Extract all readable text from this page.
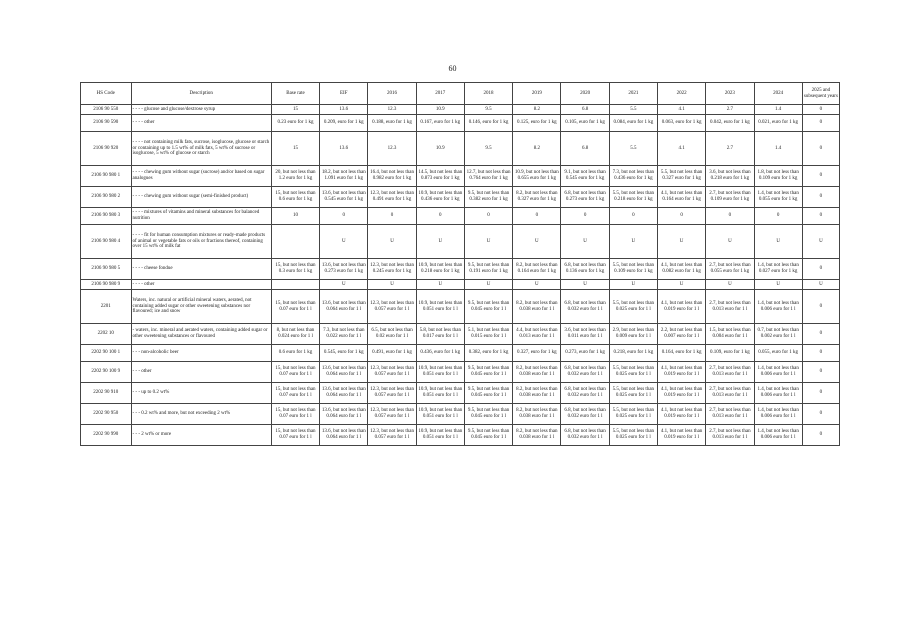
60
HS Code	Description	Base rate	EIF	2016	2017	2018	2019	2020	2021	2022	2023	2024	2025 and subsequent years
2106 90 550	- - - - glucose and glucose/dextrose syrup	15	13.6	12.3	10.9	9.5	8.2	6.8	5.5	4.1	2.7	1.4	0
2106 90 590	- - - - other	0.23 euro for 1 kg	0.209, euro for 1 kg	0.188, euro for 1 kg	0.167, euro for 1 kg	0.146, euro for 1 kg	0.125, euro for 1 kg	0.105, euro for 1 kg	0.084, euro for 1 kg	0.063, euro for 1 kg	0.042, euro for 1 kg	0.021, euro for 1 kg	0
2106 90 920	- - - - not containing milk fats, sucrose, isoglucose, glucose or starch or containing up to 1.5 wt% of milk fats, 5 wt% of sucrose or isoglucose, 5 wt% of glucose or starch	15	13.6	12.3	10.9	9.5	8.2	6.8	5.5	4.1	2.7	1.4	0
2106 90 980 1	- - - - chewing gum without sugar (sucrose) and/or based on sugar analogues	20, but not less than 1.2 euro for 1 kg	18.2, but not less than 1.091 euro for 1 kg	16.4, but not less than 0.982 euro for 1 kg	14.5, but not less than 0.873 euro for 1 kg	12.7, but not less than 0.764 euro for 1 kg	10.9, but not less than 0.655 euro for 1 kg	9.1, but not less than 0.545 euro for 1 kg	7.3, but not less than 0.436 euro for 1 kg	5.5, but not less than 0.327 euro for 1 kg	3.6, but not less than 0.218 euro for 1 kg	1.8, but not less than 0.109 euro for 1 kg	0
2106 90 980 2	- - - - chewing gum without sugar (semi-finished product)	15, but not less than 0.6 euro for 1 kg	13.6, but not less than 0.545 euro for 1 kg	12.3, but not less than 0.491 euro for 1 kg	10.9, but not less than 0.436 euro for 1 kg	9.5, but not less than 0.382 euro for 1 kg	8.2, but not less than 0.327 euro for 1 kg	6.8, but not less than 0.273 euro for 1 kg	5.5, but not less than 0.218 euro for 1 kg	4.1, but not less than 0.164 euro for 1 kg	2.7, but not less than 0.109 euro for 1 kg	1.4, but not less than 0.055 euro for 1 kg	0
2106 90 980 3	- - - - mixtures of vitamins and mineral substances for balanced nutrition	10	0	0	0	0	0	0	0	0	0	0	0
2106 90 980 4	- - - - fit for human consumption mixtures or ready-made products of animal or vegetable fats or oils or fractions thereof, containing over 15 wt% of milk fat		U	U	U	U	U	U	U	U	U	U	U
2106 90 980 5	- - - - cheese fondue	15, but not less than 0.3 euro for 1 kg	13.6, but not less than 0.273 euro for 1 kg	12.3, but not less than 0.245 euro for 1 kg	10.9, but not less than 0.218 euro for 1 kg	9.5, but not less than 0.191 euro for 1 kg	8.2, but not less than 0.164 euro for 1 kg	6.8, but not less than 0.136 euro for 1 kg	5.5, but not less than 0.109 euro for 1 kg	4.1, but not less than 0.082 euro for 1 kg	2.7, but not less than 0.055 euro for 1 kg	1.4, but not less than 0.027 euro for 1 kg	0
2106 90 980 9	- - - - other		U	U	U	U	U	U	U	U	U	U	U
2201	Waters, inc. natural or artificial mineral waters, aerated, not containing added sugar or other sweetening substances nor flavoured; ice and snow	15, but not less than 0.07 euro for 1 l	13.6, but not less than 0.064 euro for 1 l	12.3, but not less than 0.057 euro for 1 l	10.9, but not less than 0.051 euro for 1 l	9.5, but not less than 0.045 euro for 1 l	8.2, but not less than 0.038 euro for 1 l	6.8, but not less than 0.032 euro for 1 l	5.5, but not less than 0.025 euro for 1 l	4.1, but not less than 0.019 euro for 1 l	2.7, but not less than 0.013 euro for 1 l	1.4, but not less than 0.006 euro for 1 l	0
2202 10	- waters, inc. mineral and aerated waters, containing added sugar or other sweetening substances or flavoured	8, but not less than 0.024 euro for 1 l	7.3, but not less than 0.022 euro for 1 l	6.5, but not less than 0.02 euro for 1 l	5.8, but not less than 0.017 euro for 1 l	5.1, but not less than 0.015 euro for 1 l	4.4, but not less than 0.013 euro for 1 l	3.6, but not less than 0.011 euro for 1 l	2.9, but not less than 0.009 euro for 1 l	2.2, but not less than 0.007 euro for 1 l	1.5, but not less than 0.004 euro for 1 l	0.7, but not less than 0.002 euro for 1 l	0
2202 90 100 1	- - - non-alcoholic beer	0.6 euro for 1 kg	0.545, euro for 1 kg	0.491, euro for 1 kg	0.436, euro for 1 kg	0.382, euro for 1 kg	0.327, euro for 1 kg	0.273, euro for 1 kg	0.218, euro for 1 kg	0.164, euro for 1 kg	0.109, euro for 1 kg	0.055, euro for 1 kg	0
2202 90 100 9	- - - other	15, but not less than 0.07 euro for 1 l	13.6, but not less than 0.064 euro for 1 l	12.3, but not less than 0.057 euro for 1 l	10.9, but not less than 0.051 euro for 1 l	9.5, but not less than 0.045 euro for 1 l	8.2, but not less than 0.038 euro for 1 l	6.8, but not less than 0.032 euro for 1 l	5.5, but not less than 0.025 euro for 1 l	4.1, but not less than 0.019 euro for 1 l	2.7, but not less than 0.013 euro for 1 l	1.4, but not less than 0.006 euro for 1 l	0
2202 90 910	- - - up to 0.2 wt%	15, but not less than 0.07 euro for 1 l	13.6, but not less than 0.064 euro for 1 l	12.3, but not less than 0.057 euro for 1 l	10.9, but not less than 0.051 euro for 1 l	9.5, but not less than 0.045 euro for 1 l	8.2, but not less than 0.038 euro for 1 l	6.8, but not less than 0.032 euro for 1 l	5.5, but not less than 0.025 euro for 1 l	4.1, but not less than 0.019 euro for 1 l	2.7, but not less than 0.013 euro for 1 l	1.4, but not less than 0.006 euro for 1 l	0
2202 90 950	- - - 0.2 wt% and more, but not exceeding 2 wt%	15, but not less than 0.07 euro for 1 l	13.6, but not less than 0.064 euro for 1 l	12.3, but not less than 0.057 euro for 1 l	10.9, but not less than 0.051 euro for 1 l	9.5, but not less than 0.045 euro for 1 l	8.2, but not less than 0.038 euro for 1 l	6.8, but not less than 0.032 euro for 1 l	5.5, but not less than 0.025 euro for 1 l	4.1, but not less than 0.019 euro for 1 l	2.7, but not less than 0.013 euro for 1 l	1.4, but not less than 0.006 euro for 1 l	0
2202 90 990	- - - 2 wt% or more	15, but not less than 0.07 euro for 1 l	13.6, but not less than 0.064 euro for 1 l	12.3, but not less than 0.057 euro for 1 l	10.9, but not less than 0.051 euro for 1 l	9.5, but not less than 0.045 euro for 1 l	8.2, but not less than 0.038 euro for 1 l	6.8, but not less than 0.032 euro for 1 l	5.5, but not less than 0.025 euro for 1 l	4.1, but not less than 0.019 euro for 1 l	2.7, but not less than 0.013 euro for 1 l	1.4, but not less than 0.006 euro for 1 l	0
